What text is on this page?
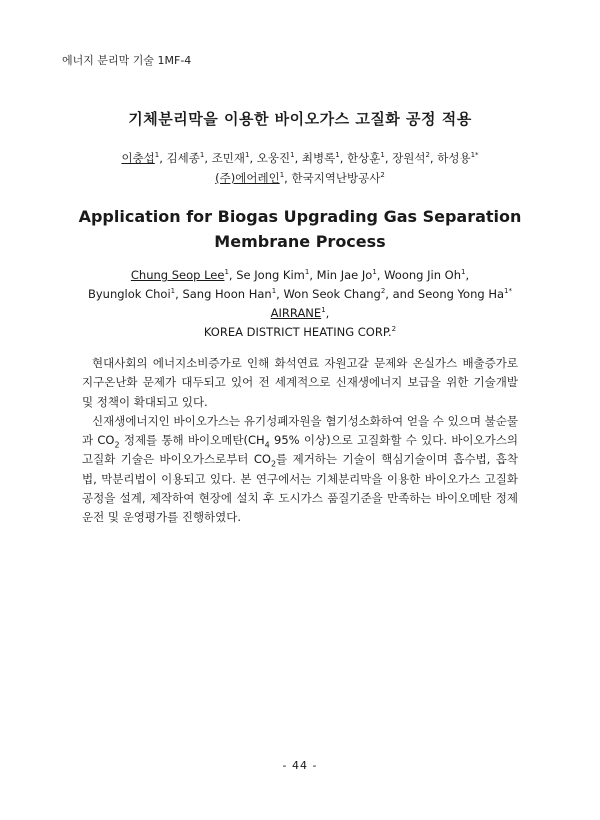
에너지 분리막 기술 1MF-4
기체분리막을 이용한 바이오가스 고질화 공정 적용
이충섭$^1$, 김세종$^1$, 조민재$^1$, 오웅진$^1$, 최병록$^1$, 한상훈$^1$, 장원석$^2$, 하성용$^{1*}$
(주)에어레인$^1$, 한국지역난방공사$^2$
Application for Biogas Upgrading Gas Separation
Membrane Process
Chung Seop Lee$^1$, Se Jong Kim$^1$, Min Jae Jo$^1$, Woong Jin Oh$^1$,
Byunglok Choi$^1$, Sang Hoon Han$^1$, Won Seok Chang$^2$, and Seong Yong $Ha^{1*}$
AIRRANE$^1$,
KOREA DISTRICT HEATING CORP.$^2$

현대사회의 에너지소비증가로 인해 화석연료 자원고갈 문제와 온실가스 배출증가로 지구온난화 문제가 대두되고 있어 전 세계적으로 신재생에너지 보급을 위한 기술개발 및 정책이 확대되고 있다.

신재생에너지인 바이오가스는 유기성폐자원을 혐기성소화하여 얻을 수 있으며 불순물과 $CO_2$ 정제를 통해 바이오메탄($CH_4$ 95% 이상)으로 고질화할 수 있다. 바이오가스의 고질화 기술은 바이오가스로부터 $CO_2$를 제거하는 기술이 핵심기술이며 흡수법, 흡착법, 막분리법이 이용되고 있다. 본 연구에서는 기체분리막을 이용한 바이오가스 고질화 공정을 설계, 제작하여 현장에 설치 후 도시가스 품질기준을 만족하는 바이오메탄 정제운전 및 운영평가를 진행하였다.

- 44 -
